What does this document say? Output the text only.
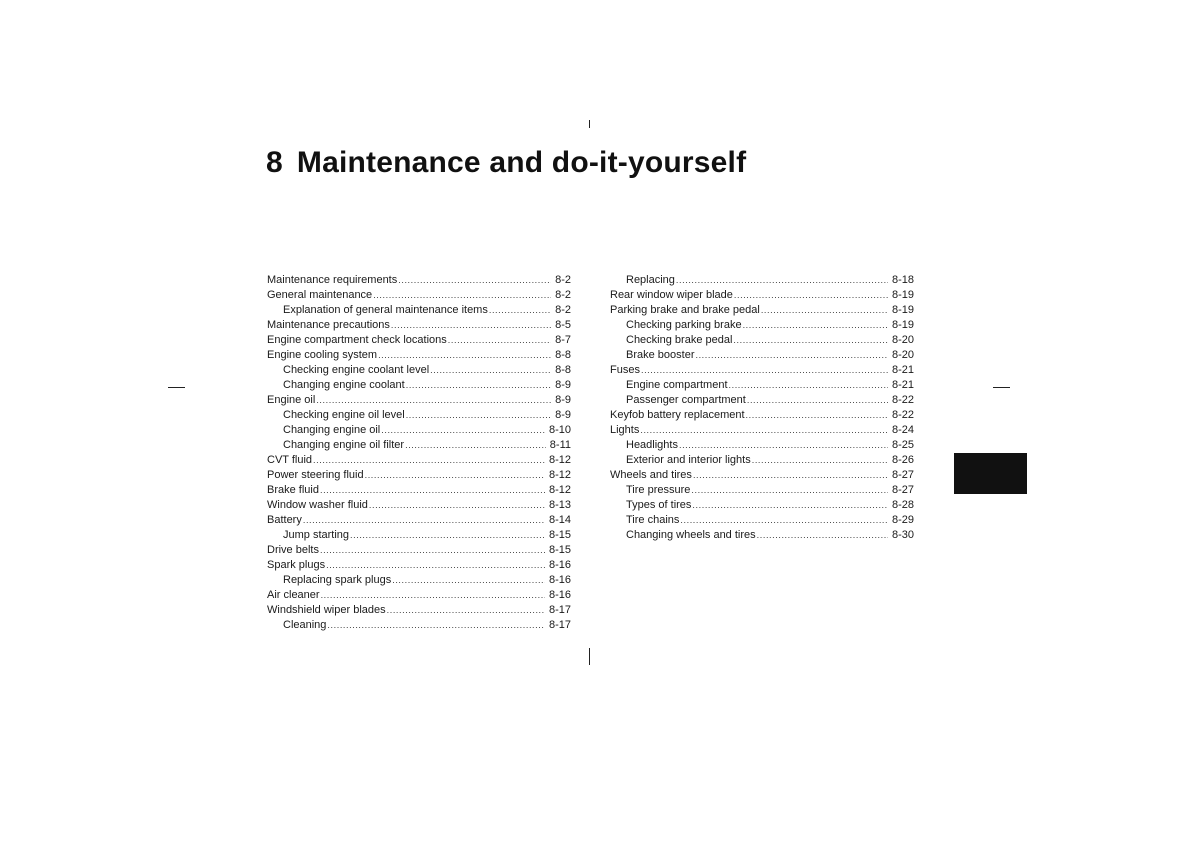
8 Maintenance and do-it-yourself
Maintenance requirements .....	8-2
General maintenance .....	8-2
Explanation of general maintenance items .....	8-2
Maintenance precautions .....	8-5
Engine compartment check locations .....	8-7
Engine cooling system .....	8-8
Checking engine coolant level .....	8-8
Changing engine coolant .....	8-9
Engine oil .....	8-9
Checking engine oil level .....	8-9
Changing engine oil .....	8-10
Changing engine oil filter .....	8-11
CVT fluid .....	8-12
Power steering fluid .....	8-12
Brake fluid .....	8-12
Window washer fluid .....	8-13
Battery .....	8-14
Jump starting .....	8-15
Drive belts .....	8-15
Spark plugs .....	8-16
Replacing spark plugs .....	8-16
Air cleaner .....	8-16
Windshield wiper blades .....	8-17
Cleaning .....	8-17
Replacing .....	8-18
Rear window wiper blade .....	8-19
Parking brake and brake pedal .....	8-19
Checking parking brake .....	8-19
Checking brake pedal .....	8-20
Brake booster .....	8-20
Fuses .....	8-21
Engine compartment .....	8-21
Passenger compartment .....	8-22
Keyfob battery replacement .....	8-22
Lights .....	8-24
Headlights .....	8-25
Exterior and interior lights .....	8-26
Wheels and tires .....	8-27
Tire pressure .....	8-27
Types of tires .....	8-28
Tire chains .....	8-29
Changing wheels and tires .....	8-30
